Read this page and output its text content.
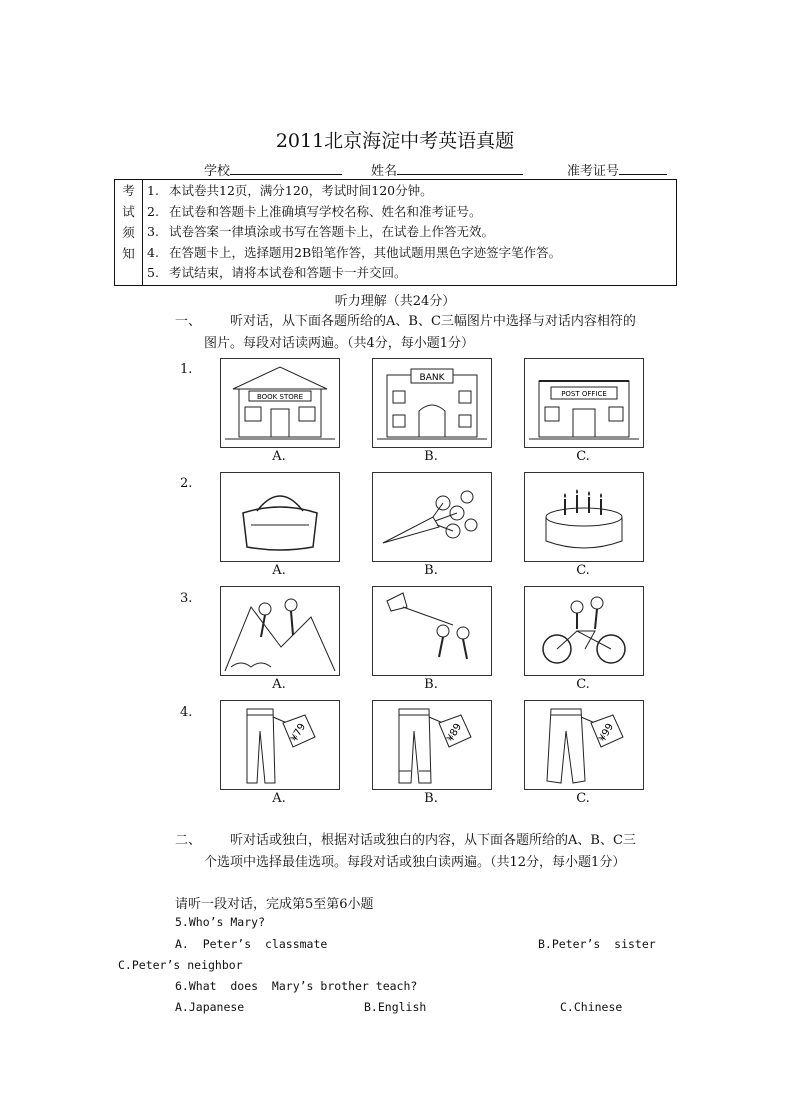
2011北京海淀中考英语真题
学校	姓名	准考证号
考
试
须
知

1. 本试卷共12页，满分120，考试时间120分钟。
2. 在试卷和答题卡上准确填写学校名称、姓名和准考证号。
3. 试卷答案一律填涂或书写在答题卡上，在试卷上作答无效。
4. 在答题卡上，选择题用2B铅笔作答，其他试题用黑色字迹签字笔作答。
5. 考试结束，请将本试卷和答题卡一并交回。
听力理解（共24分）
一、 听对话，从下面各题所给的A、B、C三幅图片中选择与对话内容相符的
图片。每段对话读两遍。（共4分，每小题1分）
1.
BOOK STORE
BANK
POST OFFICE
A.	B.	C.
2.
A.	B.	C.
3.
A.	B.	C.
4.
¥79	¥89	¥99
A.	B.	C.
二、 听对话或独白，根据对话或独白的内容，从下面各题所给的A、B、C三
个选项中选择最佳选项。每段对话或独白读两遍。（共12分，每小题1分）
请听一段对话，完成第5至第6小题
5.Who’s Mary?
A.  Peter’s  classmate	B.Peter’s  sister
C.Peter’s neighbor
6.What  does  Mary’s brother teach?
A.Japanese	B.English	C.Chinese
